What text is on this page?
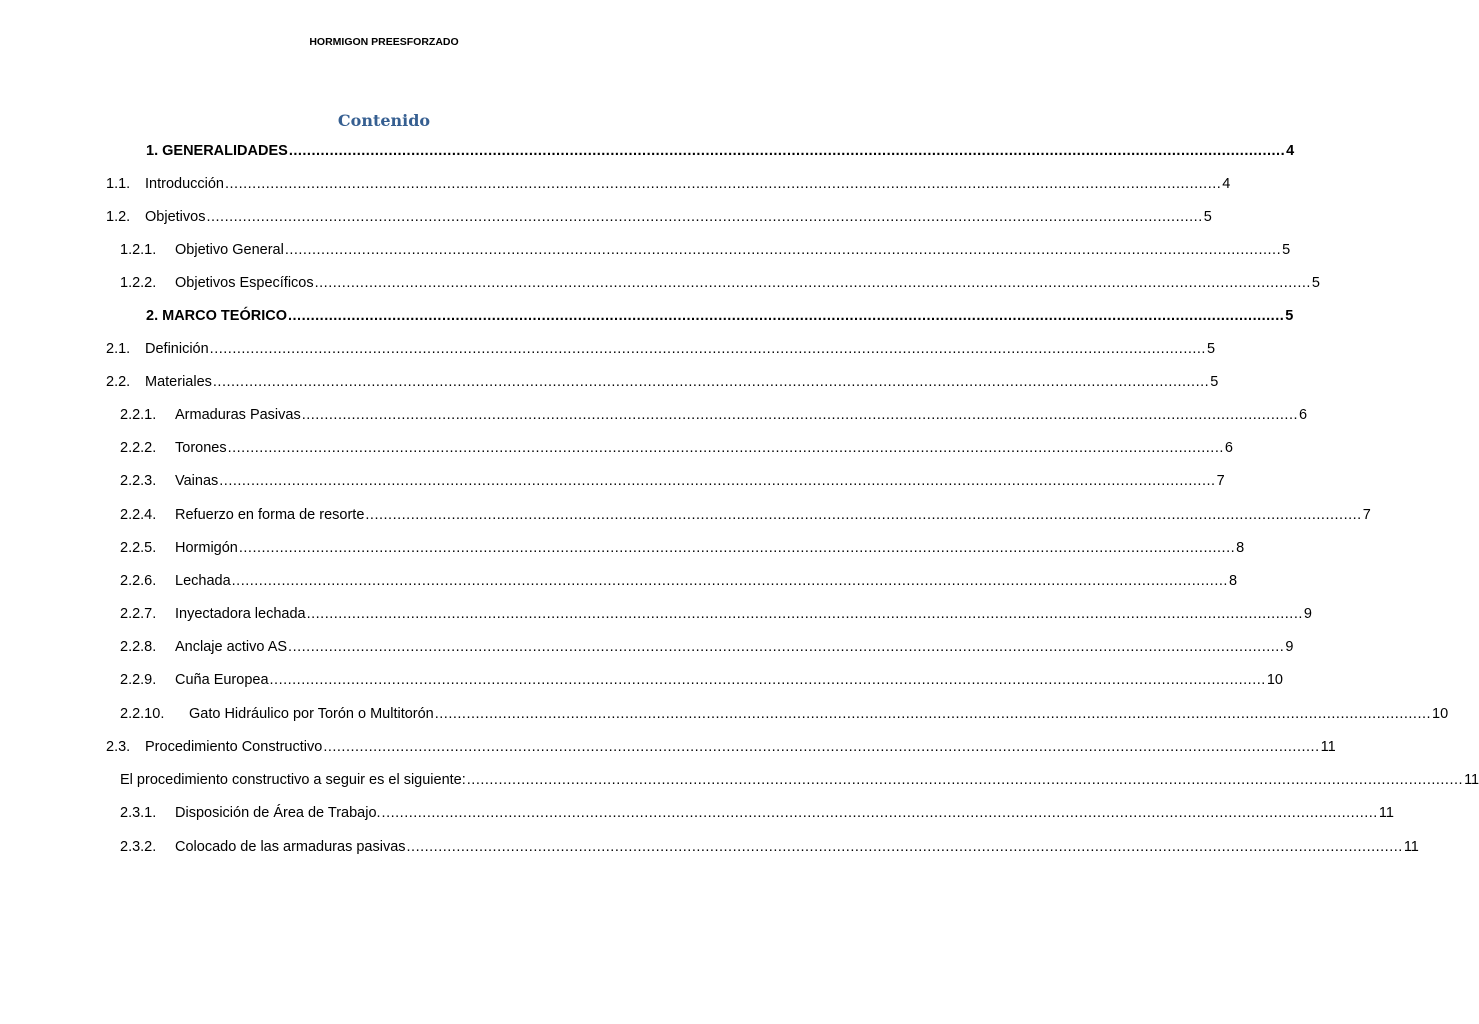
HORMIGON PREESFORZADO
Contenido
1. GENERALIDADES ............................................................................................................................................................................................................................ 4
1.1.	Introducción ............................................................................................................................................................................................................................ 4
1.2.	Objetivos ............................................................................................................................................................................................................................ 5
1.2.1.	Objetivo General ............................................................................................................................................................................................................................ 5
1.2.2.	Objetivos Específicos ............................................................................................................................................................................................................................ 5
2. MARCO TEÓRICO ............................................................................................................................................................................................................................ 5
2.1.	Definición ............................................................................................................................................................................................................................ 5
2.2.	Materiales ............................................................................................................................................................................................................................ 5
2.2.1.	Armaduras Pasivas ............................................................................................................................................................................................................................ 6
2.2.2.	Torones ............................................................................................................................................................................................................................ 6
2.2.3.	Vainas ............................................................................................................................................................................................................................ 7
2.2.4.	Refuerzo en forma de resorte ............................................................................................................................................................................................................................ 7
2.2.5.	Hormigón ............................................................................................................................................................................................................................ 8
2.2.6.	Lechada ............................................................................................................................................................................................................................ 8
2.2.7.	Inyectadora lechada ............................................................................................................................................................................................................................ 9
2.2.8.	Anclaje activo AS ............................................................................................................................................................................................................................ 9
2.2.9.	Cuña Europea ............................................................................................................................................................................................................................ 10
2.2.10.	Gato Hidráulico por Torón o Multitorón ............................................................................................................................................................................................................................ 10
2.3.	Procedimiento Constructivo ............................................................................................................................................................................................................................ 11
El procedimiento constructivo a seguir es el siguiente: ............................................................................................................................................................................................................................ 11
2.3.1.	Disposición de Área de Trabajo. ............................................................................................................................................................................................................................ 11
2.3.2.	Colocado de las armaduras pasivas ............................................................................................................................................................................................................................ 11
